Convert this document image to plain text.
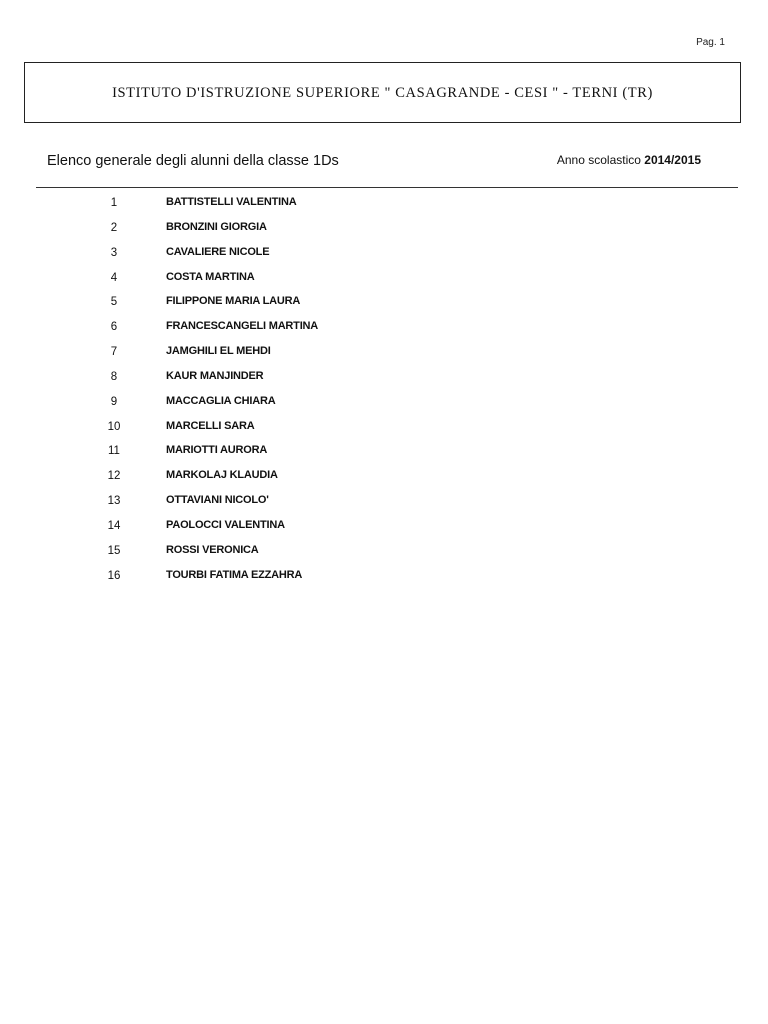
Pag. 1
ISTITUTO D'ISTRUZIONE SUPERIORE " CASAGRANDE - CESI " - TERNI (TR)
Elenco generale degli alunni della classe 1Ds	Anno scolastico 2014/2015
1	BATTISTELLI VALENTINA
2	BRONZINI GIORGIA
3	CAVALIERE NICOLE
4	COSTA MARTINA
5	FILIPPONE MARIA LAURA
6	FRANCESCANGELI MARTINA
7	JAMGHILI EL MEHDI
8	KAUR MANJINDER
9	MACCAGLIA CHIARA
10	MARCELLI SARA
11	MARIOTTI AURORA
12	MARKOLAJ KLAUDIA
13	OTTAVIANI NICOLO'
14	PAOLOCCI VALENTINA
15	ROSSI VERONICA
16	TOURBI FATIMA EZZAHRA
